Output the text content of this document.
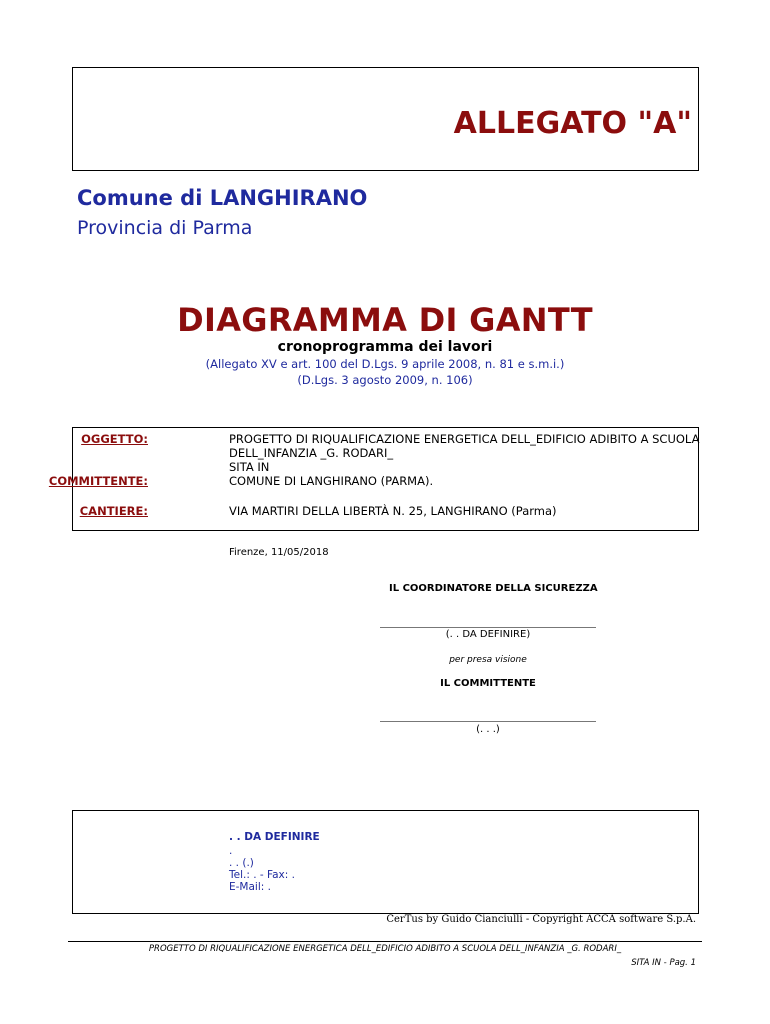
ALLEGATO "A"
Comune di LANGHIRANO
Provincia di Parma
DIAGRAMMA DI GANTT
cronoprogramma dei lavori
(Allegato XV e art. 100 del D.Lgs. 9 aprile 2008, n. 81 e s.m.i.)
(D.Lgs. 3 agosto 2009, n. 106)
OGGETTO:	PROGETTO DI RIQUALIFICAZIONE ENERGETICA DELL_EDIFICIO ADIBITO A SCUOLA
DELL_INFANZIA _G. RODARI_
SITA IN
COMMITTENTE:	COMUNE DI LANGHIRANO (PARMA).
CANTIERE:	VIA MARTIRI DELLA LIBERTÀ N. 25, LANGHIRANO (Parma)
Firenze, 11/05/2018
IL COORDINATORE DELLA SICUREZZA
(. . DA DEFINIRE)
per presa visione
IL COMMITTENTE
(. . .)
. . DA DEFINIRE
.
. . (.)
Tel.: . - Fax: .
E-Mail: .
CerTus by Guido Cianciulli - Copyright ACCA software S.p.A.
PROGETTO DI RIQUALIFICAZIONE ENERGETICA DELL_EDIFICIO ADIBITO A SCUOLA DELL_INFANZIA _G. RODARI_
SITA IN - Pag. 1
